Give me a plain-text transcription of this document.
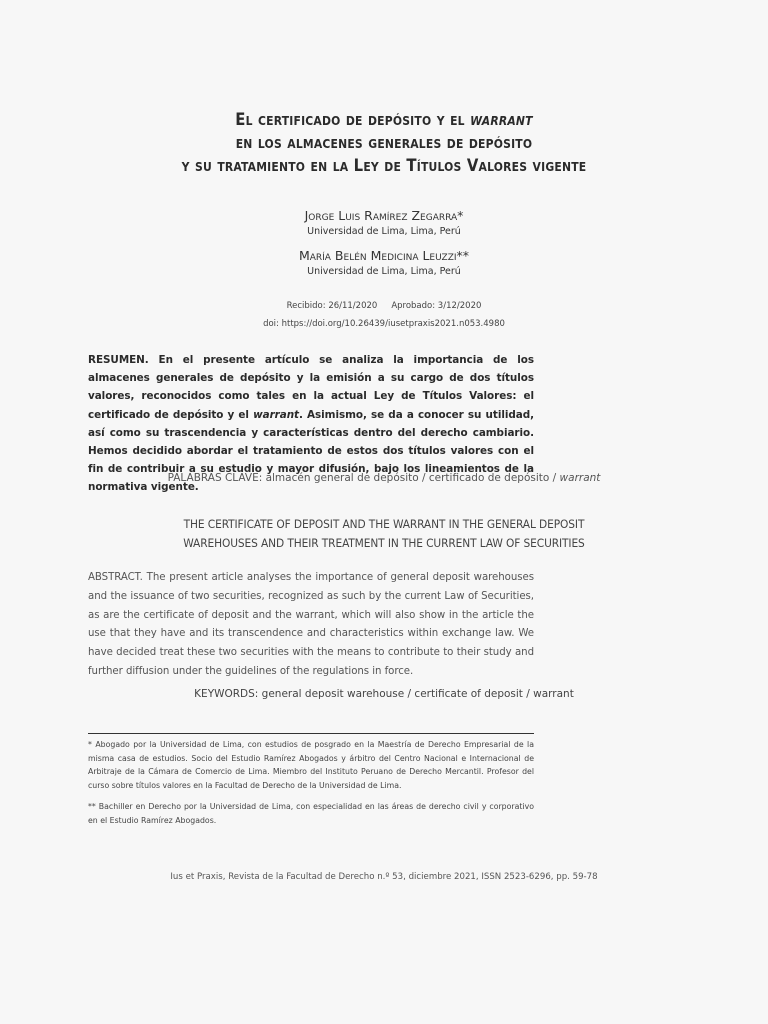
El certificado de depósito y el warrant
en los almacenes generales de depósito
y su tratamiento en la Ley de Títulos Valores vigente
Jorge Luis Ramírez Zegarra*
Universidad de Lima, Lima, Perú
María Belén Medicina Leuzzi**
Universidad de Lima, Lima, Perú
Recibido: 26/11/2020 Aprobado: 3/12/2020
doi: https://doi.org/10.26439/iusetpraxis2021.n053.4980
RESUMEN. En el presente artículo se analiza la importancia de los almacenes generales de depósito y la emisión a su cargo de dos títulos valores, reconocidos como tales en la actual Ley de Títulos Valores: el certificado de depósito y el warrant. Asimismo, se da a conocer su utilidad, así como su trascendencia y características dentro del derecho cambiario. Hemos decidido abordar el tratamiento de estos dos títulos valores con el fin de contribuir a su estudio y mayor difusión, bajo los lineamientos de la normativa vigente.
PALABRAS CLAVE: almacén general de depósito / certificado de depósito / warrant
THE CERTIFICATE OF DEPOSIT AND THE WARRANT IN THE GENERAL DEPOSIT
WAREHOUSES AND THEIR TREATMENT IN THE CURRENT LAW OF SECURITIES
ABSTRACT. The present article analyses the importance of general deposit warehouses and the issuance of two securities, recognized as such by the current Law of Securities, as are the certificate of deposit and the warrant, which will also show in the article the use that they have and its transcendence and characteristics within exchange law. We have decided treat these two securities with the means to contribute to their study and further diffusion under the guidelines of the regulations in force.
KEYWORDS: general deposit warehouse / certificate of deposit / warrant
* Abogado por la Universidad de Lima, con estudios de posgrado en la Maestría de Derecho Empresarial de la misma casa de estudios. Socio del Estudio Ramírez Abogados y árbitro del Centro Nacional e Internacional de Arbitraje de la Cámara de Comercio de Lima. Miembro del Instituto Peruano de Derecho Mercantil. Profesor del curso sobre títulos valores en la Facultad de Derecho de la Universidad de Lima.
** Bachiller en Derecho por la Universidad de Lima, con especialidad en las áreas de derecho civil y corporativo en el Estudio Ramírez Abogados.
Ius et Praxis, Revista de la Facultad de Derecho n.º 53, diciembre 2021, ISSN 2523-6296, pp. 59-78
